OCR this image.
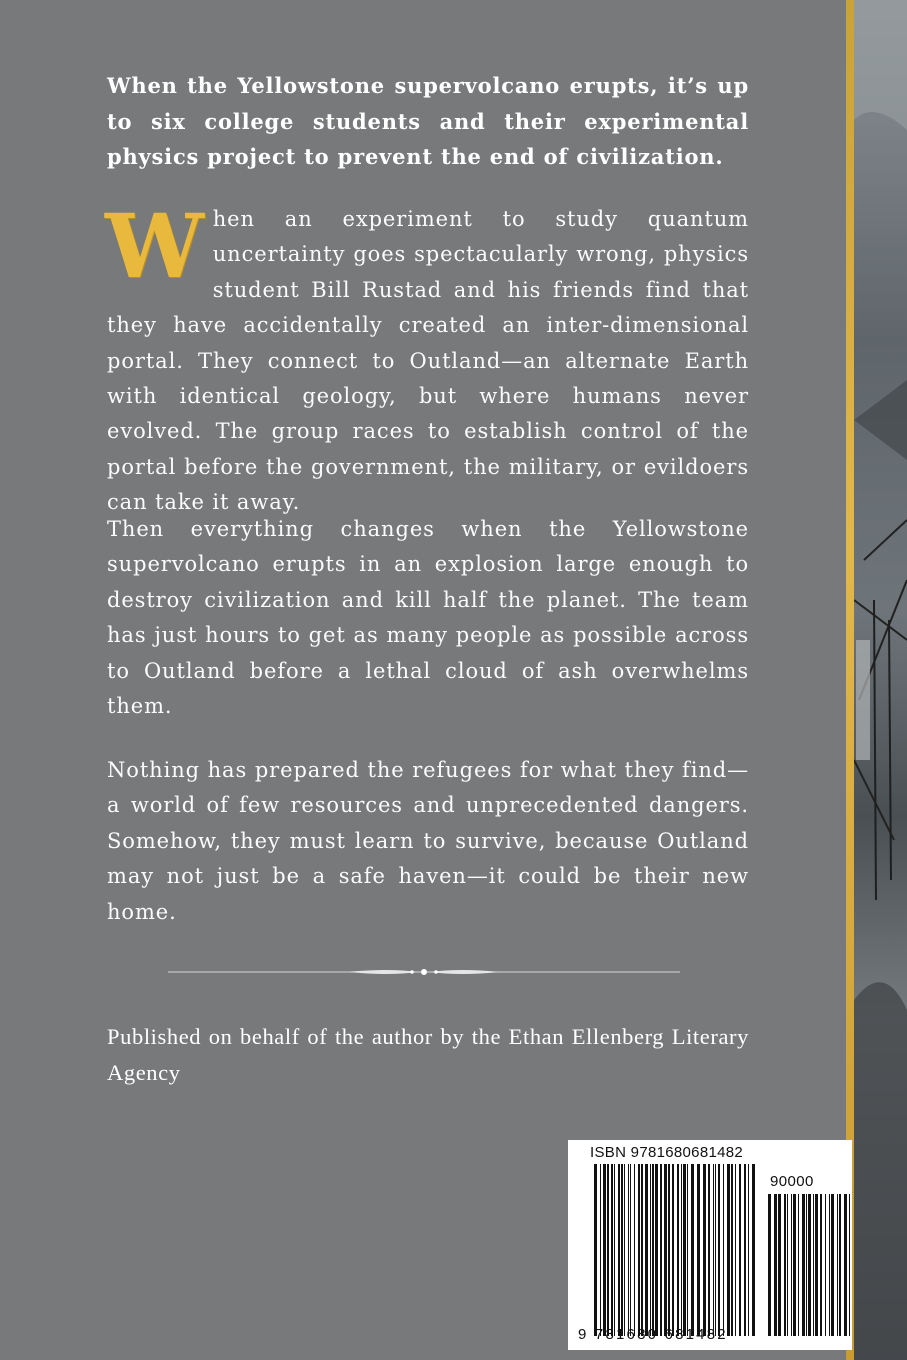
When the Yellowstone supervolcano erupts, it’s up to six college students and their experimental physics project to prevent the end of civilization.
When an experiment to study quantum uncertainty goes spectacularly wrong, physics student Bill Rustad and his friends find that they have accidentally created an inter-dimensional portal. They connect to Outland—an alternate Earth with identical geology, but where humans never evolved. The group races to establish control of the portal before the government, the military, or evildoers can take it away.
Then everything changes when the Yellowstone supervolcano erupts in an explosion large enough to destroy civilization and kill half the planet. The team has just hours to get as many people as possible across to Outland before a lethal cloud of ash overwhelms them.
Nothing has prepared the refugees for what they find—a world of few resources and unprecedented dangers. Somehow, they must learn to survive, because Outland may not just be a safe haven—it could be their new home.
Published on behalf of the author by the Ethan Ellenberg Literary Agency
ISBN 9781680681482
90000
9 781680 681482
